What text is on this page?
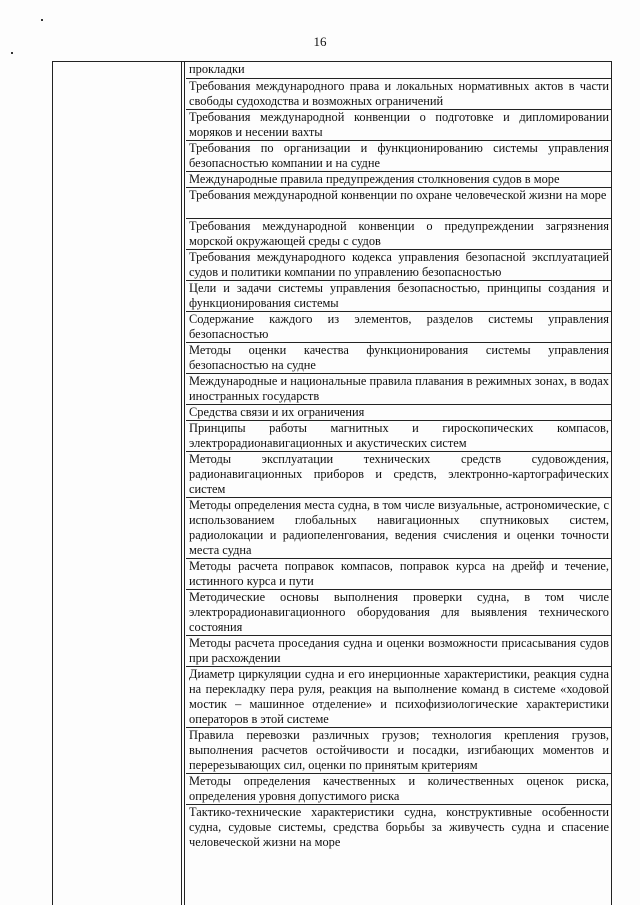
16
прокладки
Требования международного права и локальных нормативных актов в части свободы судоходства и возможных ограничений
Требования международной конвенции о подготовке и дипломировании моряков и несении вахты
Требования по организации и функционированию системы управления безопасностью компании и на судне
Международные правила предупреждения столкновения судов в море
Требования международной конвенции по охране человеческой жизни на море
Требования международной конвенции о предупреждении загрязнения морской окружающей среды с судов
Требования международного кодекса управления безопасной эксплуатацией судов и политики компании по управлению безопасностью
Цели и задачи системы управления безопасностью, принципы создания и функционирования системы
Содержание каждого из элементов, разделов системы управления безопасностью
Методы оценки качества функционирования системы управления безопасностью на судне
Международные и национальные правила плавания в режимных зонах, в водах иностранных государств
Средства связи и их ограничения
Принципы работы магнитных и гироскопических компасов, электрорадионавигационных и акустических систем
Методы эксплуатации технических средств судовождения, радионавигационных приборов и средств, электронно-картографических систем
Методы определения места судна, в том числе визуальные, астрономические, с использованием глобальных навигационных спутниковых систем, радиолокации и радиопеленгования, ведения счисления и оценки точности места судна
Методы расчета поправок компасов, поправок курса на дрейф и течение, истинного курса и пути
Методические основы выполнения проверки судна, в том числе электрорадионавигационного оборудования для выявления технического состояния
Методы расчета проседания судна и оценки возможности присасывания судов при расхождении
Диаметр циркуляции судна и его инерционные характеристики, реакция судна на перекладку пера руля, реакция на выполнение команд в системе «ходовой мостик – машинное отделение» и психофизиологические характеристики операторов в этой системе
Правила перевозки различных грузов; технология крепления грузов, выполнения расчетов остойчивости и посадки, изгибающих моментов и перерезывающих сил, оценки по принятым критериям
Методы определения качественных и количественных оценок риска, определения уровня допустимого риска
Тактико-технические характеристики судна, конструктивные особенности судна, судовые системы, средства борьбы за живучесть судна и спасение человеческой жизни на море
